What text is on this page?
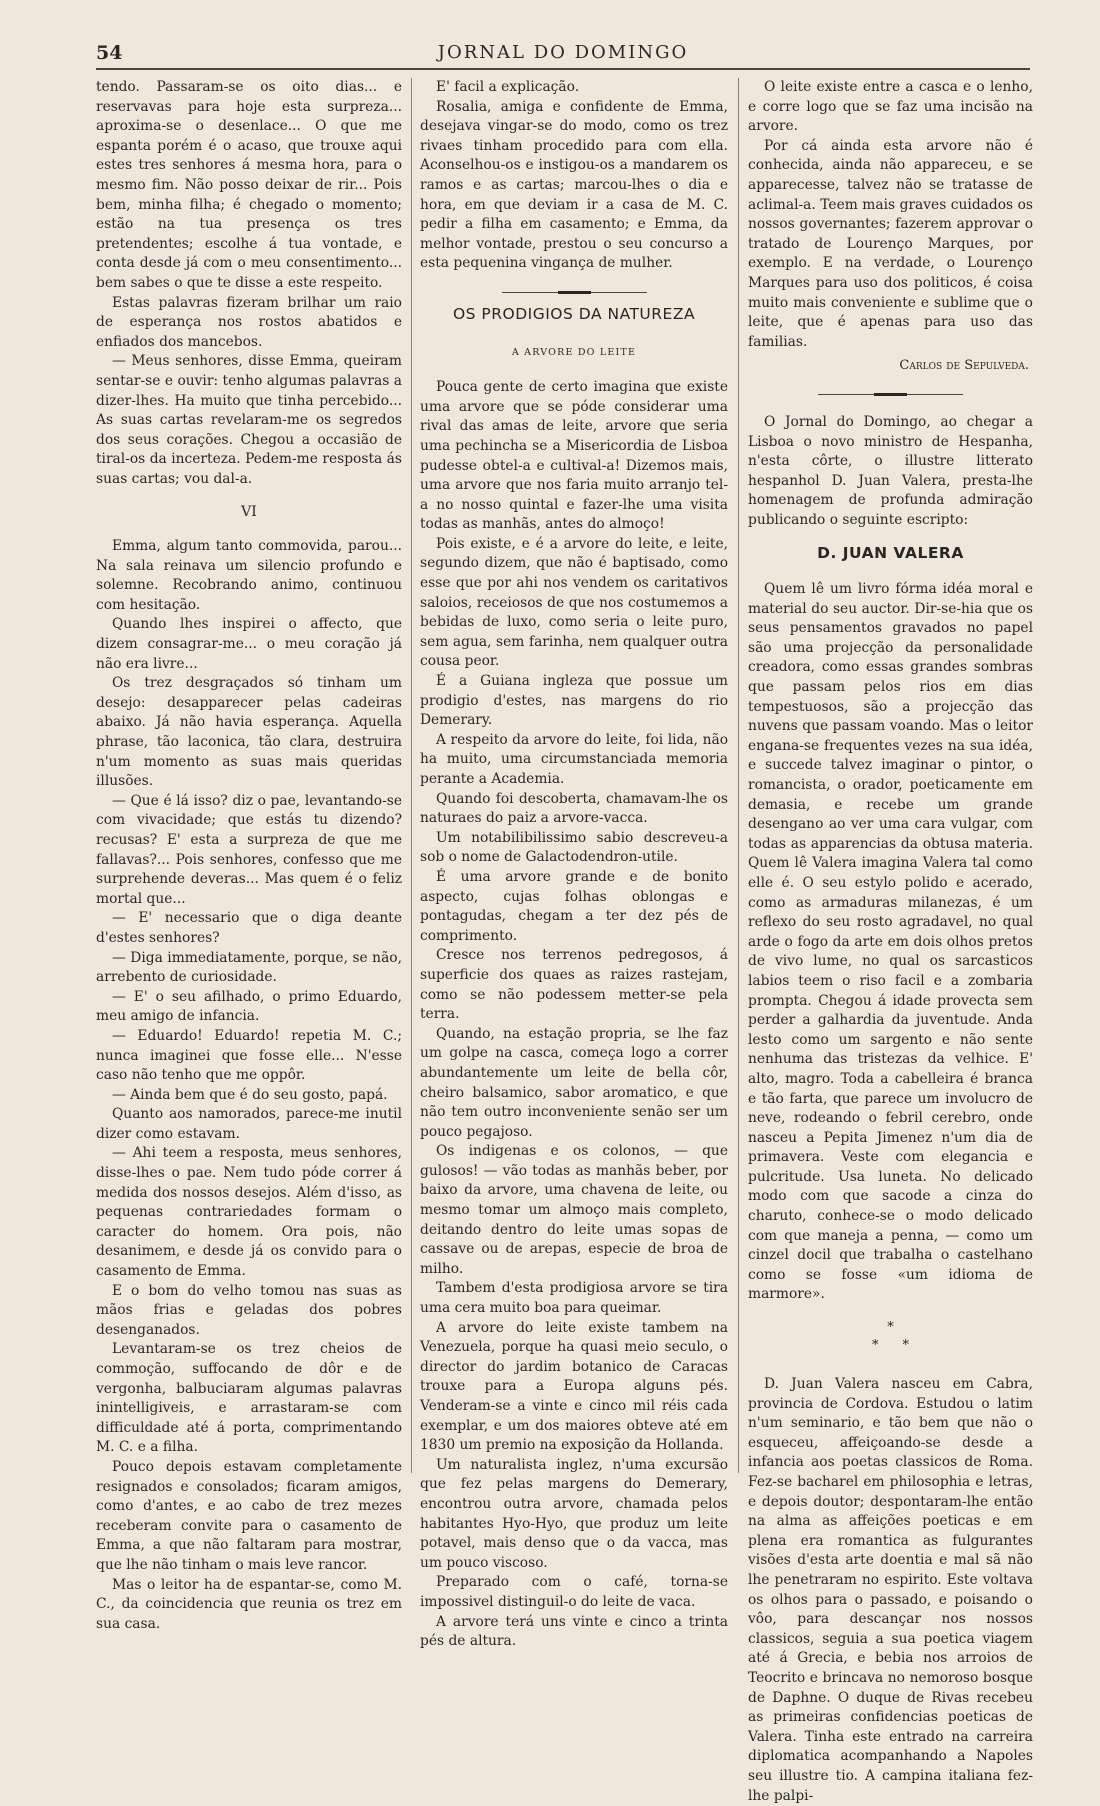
54	JORNAL DO DOMINGO

tendo. Passaram-se os oito dias... e reservavas para hoje esta surpreza... aproxima-se o desenlace... O que me espanta porém é o acaso, que trouxe aqui estes tres senhores á mesma hora, para o mesmo fim. Não posso deixar de rir... Pois bem, minha filha; é chegado o momento; estão na tua presença os tres pretendentes; escolhe á tua vontade, e conta desde já com o meu consentimento... bem sabes o que te disse a este respeito.

Estas palavras fizeram brilhar um raio de esperança nos rostos abatidos e enfiados dos mancebos.

— Meus senhores, disse Emma, queiram sentar-se e ouvir: tenho algumas palavras a dizer-lhes. Ha muito que tinha percebido... As suas cartas revelaram-me os segredos dos seus corações. Chegou a occasião de tiral-os da incerteza. Pedem-me resposta ás suas cartas; vou dal-a.

VI

Emma, algum tanto commovida, parou... Na sala reinava um silencio profundo e solemne. Recobrando animo, continuou com hesitação.

Quando lhes inspirei o affecto, que dizem consagrar-me... o meu coração já não era livre...

Os trez desgraçados só tinham um desejo: desapparecer pelas cadeiras abaixo. Já não havia esperança. Aquella phrase, tão laconica, tão clara, destruira n'um momento as suas mais queridas illusões.

— Que é lá isso? diz o pae, levantando-se com vivacidade; que estás tu dizendo? recusas? E' esta a surpreza de que me fallavas?... Pois senhores, confesso que me surprehende deveras... Mas quem é o feliz mortal que...

— E' necessario que o diga deante d'estes senhores?

— Diga immediatamente, porque, se não, arrebento de curiosidade.

— E' o seu afilhado, o primo Eduardo, meu amigo de infancia.

— Eduardo! Eduardo! repetia M. C.; nunca imaginei que fosse elle... N'esse caso não tenho que me oppôr.

— Ainda bem que é do seu gosto, papá.

Quanto aos namorados, parece-me inutil dizer como estavam.

— Ahi teem a resposta, meus senhores, disse-lhes o pae. Nem tudo póde correr á medida dos nossos desejos. Além d'isso, as pequenas contrariedades formam o caracter do homem. Ora pois, não desanimem, e desde já os convido para o casamento de Emma.

E o bom do velho tomou nas suas as mãos frias e geladas dos pobres desenganados.

Levantaram-se os trez cheios de commoção, suffocando de dôr e de vergonha, balbuciaram algumas palavras inintelligiveis, e arrastaram-se com difficuldade até á porta, comprimentando M. C. e a filha.

Pouco depois estavam completamente resignados e consolados; ficaram amigos, como d'antes, e ao cabo de trez mezes receberam convite para o casamento de Emma, a que não faltaram para mostrar, que lhe não tinham o mais leve rancor.

Mas o leitor ha de espantar-se, como M. C., da coincidencia que reunia os trez em sua casa.

E' facil a explicação.

Rosalia, amiga e confidente de Emma, desejava vingar-se do modo, como os trez rivaes tinham procedido para com ella. Aconselhou-os e instigou-os a mandarem os ramos e as cartas; marcou-lhes o dia e hora, em que deviam ir a casa de M. C. pedir a filha em casamento; e Emma, da melhor vontade, prestou o seu concurso a esta pequenina vingança de mulher.

OS PRODIGIOS DA NATUREZA
A ARVORE DO LEITE

Pouca gente de certo imagina que existe uma arvore que se póde considerar uma rival das amas de leite, arvore que seria uma pechincha se a Misericordia de Lisboa pudesse obtel-a e cultival-a! Dizemos mais, uma arvore que nos faria muito arranjo tel-a no nosso quintal e fazer-lhe uma visita todas as manhãs, antes do almoço!

Pois existe, e é a arvore do leite, e leite, segundo dizem, que não é baptisado, como esse que por ahi nos vendem os caritativos saloios, receiosos de que nos costumemos a bebidas de luxo, como seria o leite puro, sem agua, sem farinha, nem qualquer outra cousa peor.

É a Guiana ingleza que possue um prodigio d'estes, nas margens do rio Demerary.

A respeito da arvore do leite, foi lida, não ha muito, uma circumstanciada memoria perante a Academia.

Quando foi descoberta, chamavam-lhe os naturaes do paiz a arvore-vacca.

Um notabilibilissimo sabio descreveu-a sob o nome de Galactodendron-utile.

É uma arvore grande e de bonito aspecto, cujas folhas oblongas e pontagudas, chegam a ter dez pés de comprimento.

Cresce nos terrenos pedregosos, á superficie dos quaes as raizes rastejam, como se não podessem metter-se pela terra.

Quando, na estação propria, se lhe faz um golpe na casca, começa logo a correr abundantemente um leite de bella côr, cheiro balsamico, sabor aromatico, e que não tem outro inconveniente senão ser um pouco pegajoso.

Os indigenas e os colonos, — que gulosos! — vão todas as manhãs beber, por baixo da arvore, uma chavena de leite, ou mesmo tomar um almoço mais completo, deitando dentro do leite umas sopas de cassave ou de arepas, especie de broa de milho.

Tambem d'esta prodigiosa arvore se tira uma cera muito boa para queimar.

A arvore do leite existe tambem na Venezuela, porque ha quasi meio seculo, o director do jardim botanico de Caracas trouxe para a Europa alguns pés. Venderam-se a vinte e cinco mil réis cada exemplar, e um dos maiores obteve até em 1830 um premio na exposição da Hollanda.

Um naturalista inglez, n'uma excursão que fez pelas margens do Demerary, encontrou outra arvore, chamada pelos habitantes Hyo-Hyo, que produz um leite potavel, mais denso que o da vacca, mas um pouco viscoso.

Preparado com o café, torna-se impossivel distinguil-o do leite de vaca.

A arvore terá uns vinte e cinco a trinta pés de altura.

O leite existe entre a casca e o lenho, e corre logo que se faz uma incisão na arvore.

Por cá ainda esta arvore não é conhecida, ainda não appareceu, e se apparecesse, talvez não se tratasse de aclimal-a. Teem mais graves cuidados os nossos governantes; fazerem approvar o tratado de Lourenço Marques, por exemplo. E na verdade, o Lourenço Marques para uso dos politicos, é coisa muito mais conveniente e sublime que o leite, que é apenas para uso das familias.

Carlos de Sepulveda.

O Jornal do Domingo, ao chegar a Lisboa o novo ministro de Hespanha, n'esta côrte, o illustre litterato hespanhol D. Juan Valera, presta-lhe homenagem de profunda admiração publicando o seguinte escripto:

D. JUAN VALERA

Quem lê um livro fórma idéa moral e material do seu auctor. Dir-se-hia que os seus pensamentos gravados no papel são uma projecção da personalidade creadora, como essas grandes sombras que passam pelos rios em dias tempestuosos, são a projecção das nuvens que passam voando. Mas o leitor engana-se frequentes vezes na sua idéa, e succede talvez imaginar o pintor, o romancista, o orador, poeticamente em demasia, e recebe um grande desengano ao ver uma cara vulgar, com todas as apparencias da obtusa materia. Quem lê Valera imagina Valera tal como elle é. O seu estylo polido e acerado, como as armaduras milanezas, é um reflexo do seu rosto agradavel, no qual arde o fogo da arte em dois olhos pretos de vivo lume, no qual os sarcasticos labios teem o riso facil e a zombaria prompta. Chegou á idade provecta sem perder a galhardia da juventude. Anda lesto como um sargento e não sente nenhuma das tristezas da velhice. E' alto, magro. Toda a cabelleira é branca e tão farta, que parece um involucro de neve, rodeando o febril cerebro, onde nasceu a Pepita Jimenez n'um dia de primavera. Veste com elegancia e pulcritude. Usa luneta. No delicado modo com que sacode a cinza do charuto, conhece-se o modo delicado com que maneja a penna, — como um cinzel docil que trabalha o castelhano como se fosse «um idioma de marmore».

*
**

D. Juan Valera nasceu em Cabra, provincia de Cordova. Estudou o latim n'um seminario, e tão bem que não o esqueceu, affeiçoando-se desde a infancia aos poetas classicos de Roma. Fez-se bacharel em philosophia e letras, e depois doutor; despontaram-lhe então na alma as affeições poeticas e em plena era romantica as fulgurantes visões d'esta arte doentia e mal sã não lhe penetraram no espirito. Este voltava os olhos para o passado, e poisando o vôo, para descançar nos nossos classicos, seguia a sua poetica viagem até á Grecia, e bebia nos arroios de Teocrito e brincava no nemoroso bosque de Daphne. O duque de Rivas recebeu as primeiras confidencias poeticas de Valera. Tinha este entrado na carreira diplomatica acompanhando a Napoles seu illustre tio. A campina italiana fez-lhe palpi-
